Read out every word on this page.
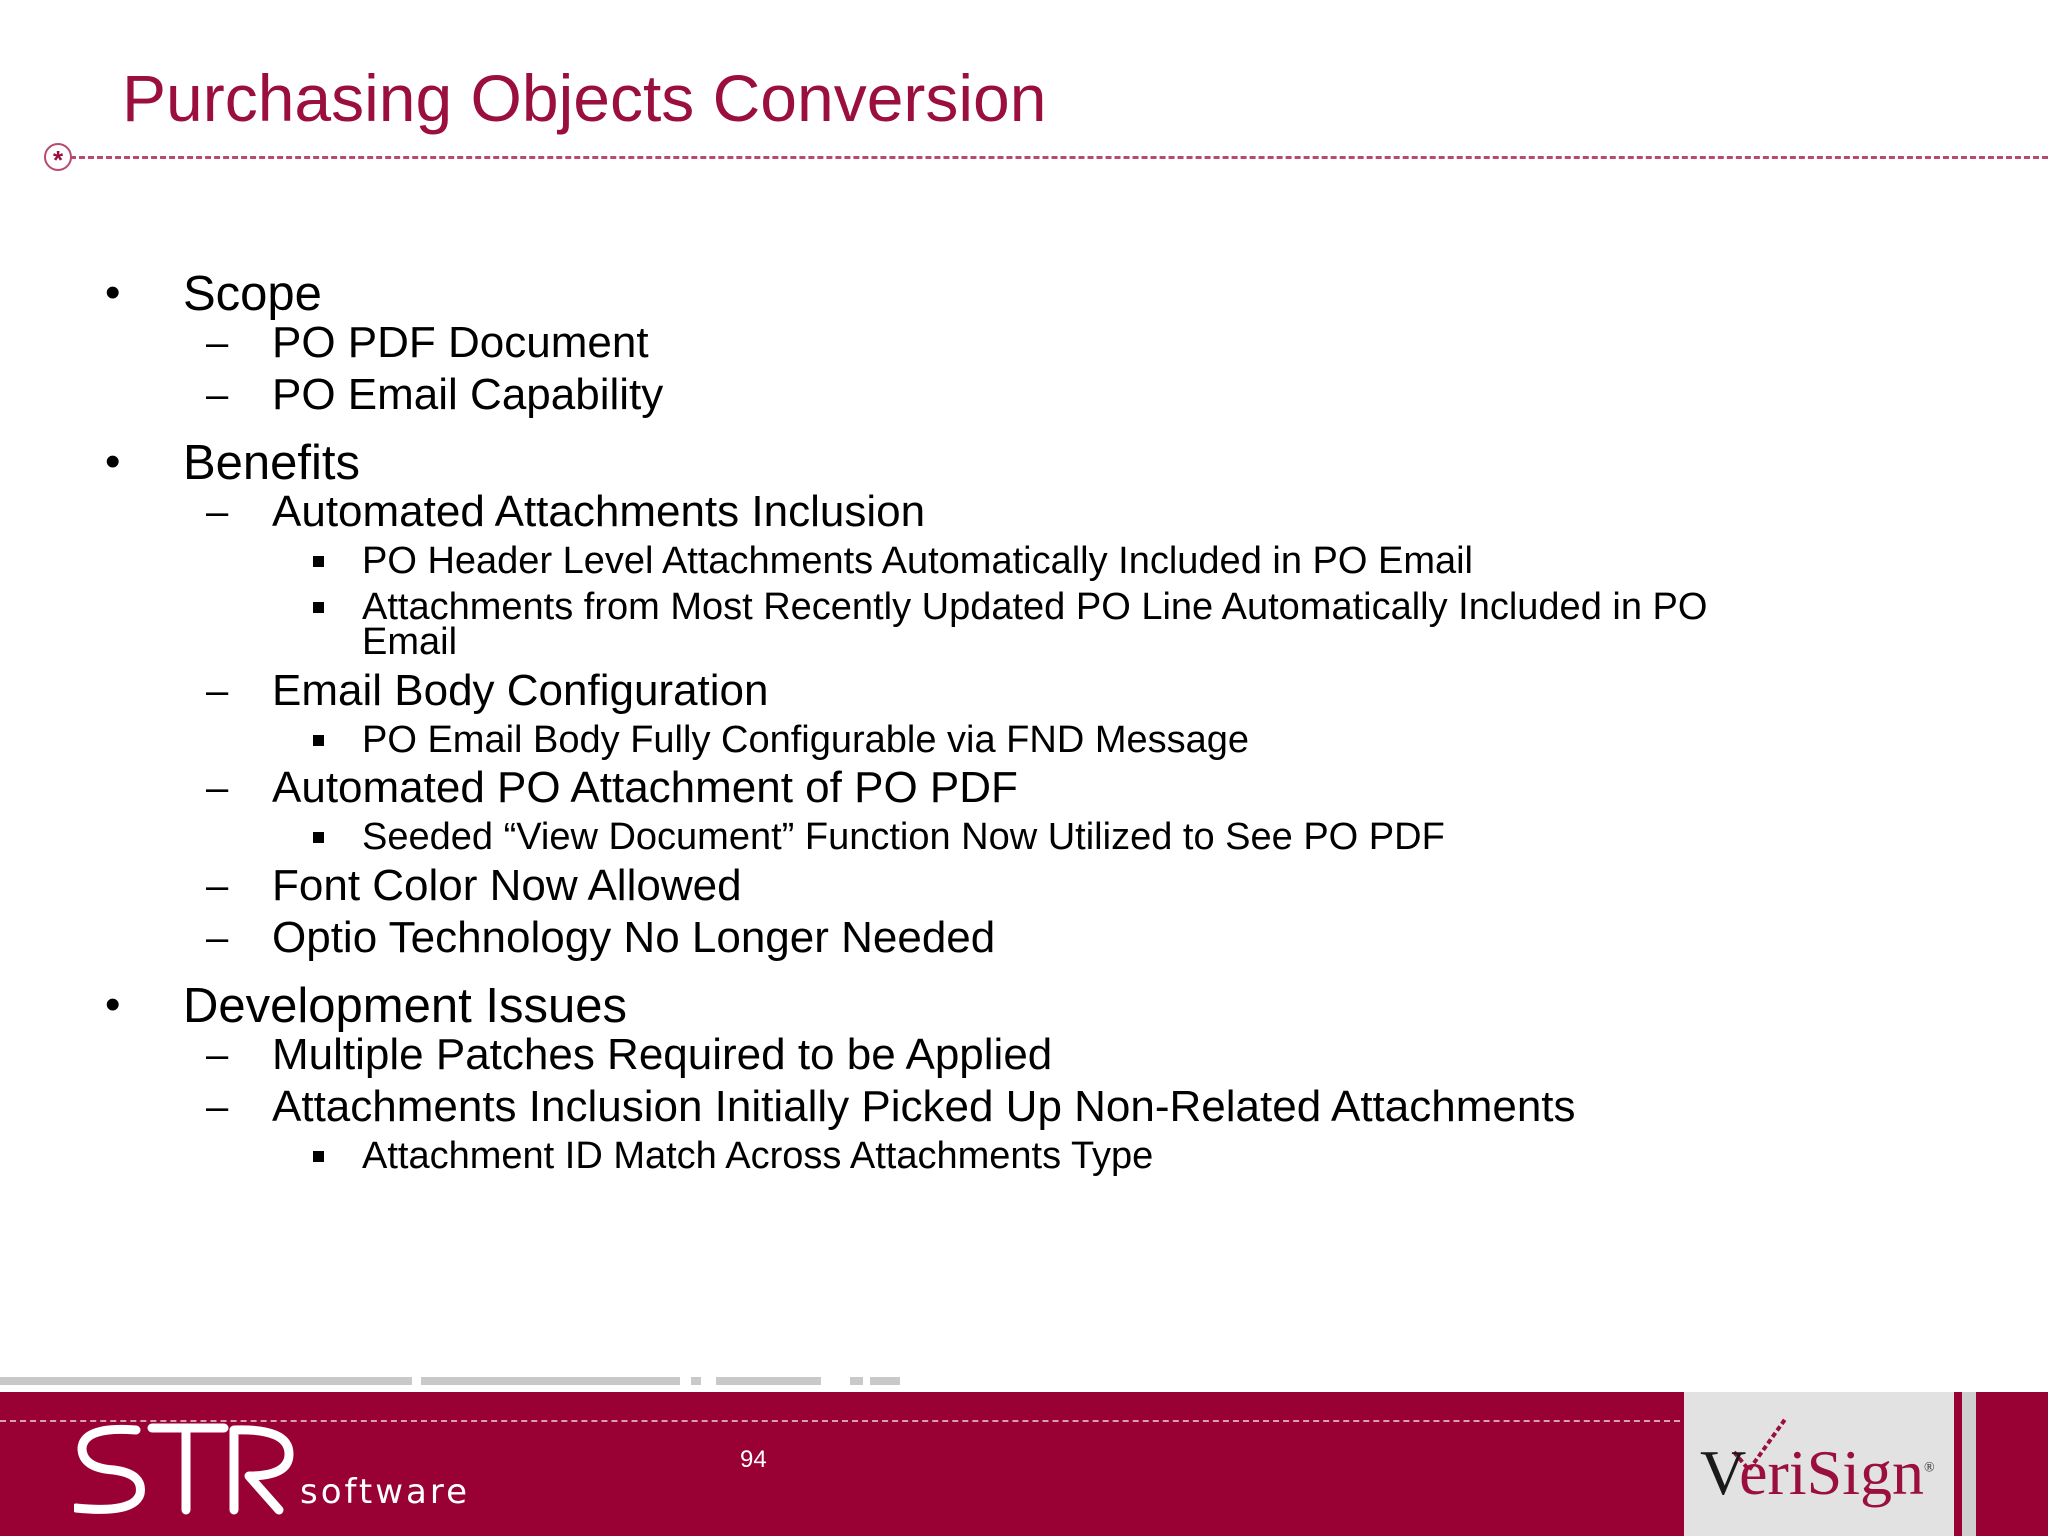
Purchasing Objects Conversion
*
• Scope
– PO PDF Document
– PO Email Capability
• Benefits
– Automated Attachments Inclusion
PO Header Level Attachments Automatically Included in PO Email
Attachments from Most Recently Updated PO Line Automatically Included in PO
Email
– Email Body Configuration
PO Email Body Fully Configurable via FND Message
– Automated PO Attachment of PO PDF
Seeded “View Document” Function Now Utilized to See PO PDF
– Font Color Now Allowed
– Optio Technology No Longer Needed
• Development Issues
– Multiple Patches Required to be Applied
– Attachments Inclusion Initially Picked Up Non-Related Attachments
Attachment ID Match Across Attachments Type
software
94	VeriSign®
